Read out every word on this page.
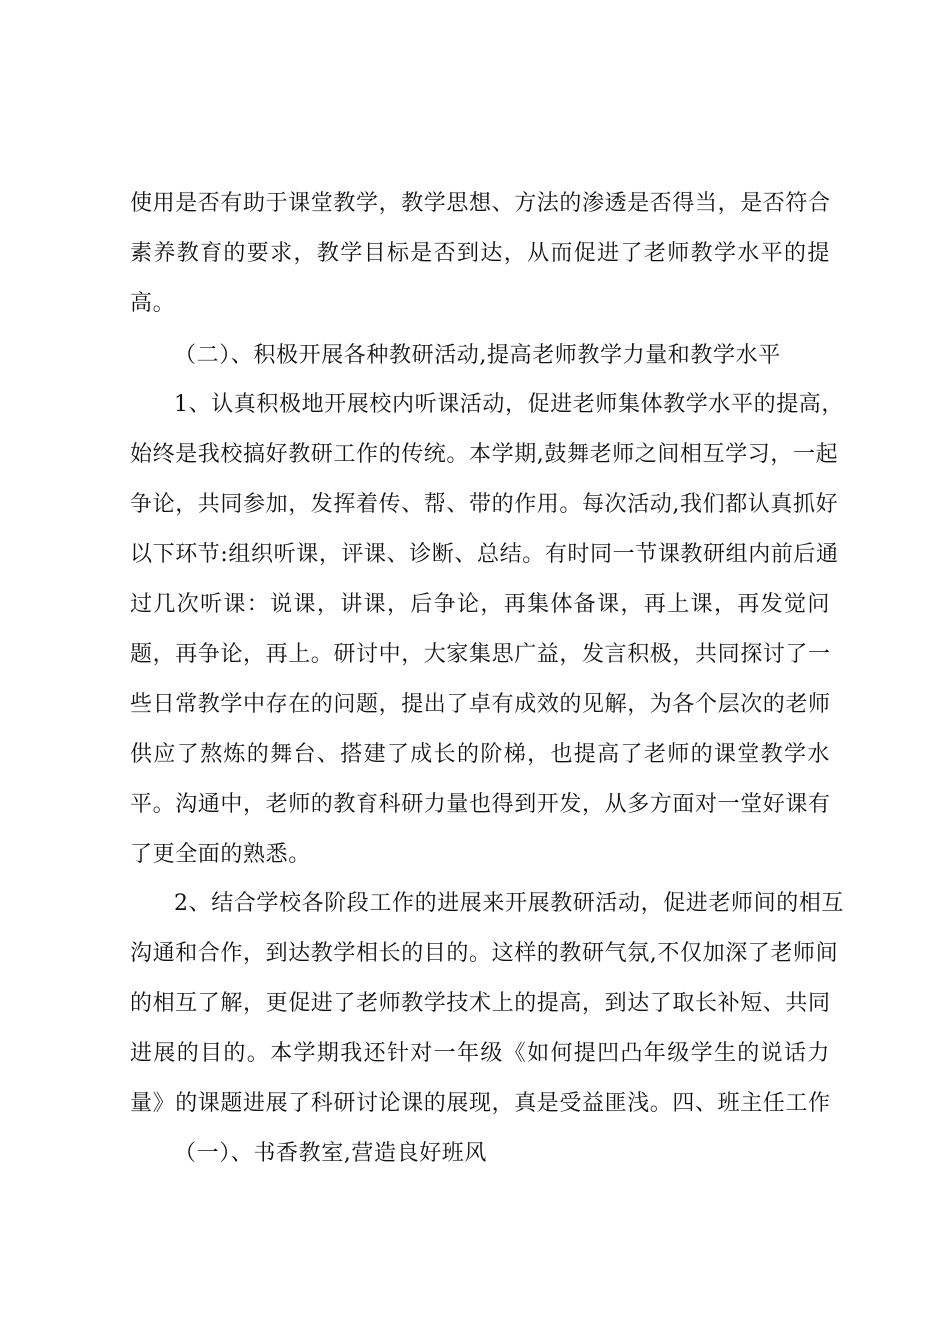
使用是否有助于课堂教学，教学思想、方法的渗透是否得当，是否符合
素养教育的要求，教学目标是否到达，从而促进了老师教学水平的提
高。
（二）、积极开展各种教研活动,提高老师教学力量和教学水平
1、认真积极地开展校内听课活动，促进老师集体教学水平的提高，
始终是我校搞好教研工作的传统。本学期,鼓舞老师之间相互学习，一起
争论，共同参加，发挥着传、帮、带的作用。每次活动,我们都认真抓好
以下环节:组织听课，评课、诊断、总结。有时同一节课教研组内前后通
过几次听课：说课，讲课，后争论，再集体备课，再上课，再发觉问
题，再争论，再上。研讨中，大家集思广益，发言积极，共同探讨了一
些日常教学中存在的问题，提出了卓有成效的见解，为各个层次的老师
供应了熬炼的舞台、搭建了成长的阶梯，也提高了老师的课堂教学水
平。沟通中，老师的教育科研力量也得到开发，从多方面对一堂好课有
了更全面的熟悉。
2、结合学校各阶段工作的进展来开展教研活动，促进老师间的相互
沟通和合作，到达教学相长的目的。这样的教研气氛,不仅加深了老师间
的相互了解，更促进了老师教学技术上的提高，到达了取长补短、共同
进展的目的。本学期我还针对一年级《如何提凹凸年级学生的说话力
量》的课题进展了科研讨论课的展现，真是受益匪浅。四、班主任工作
（一）、书香教室,营造良好班风
